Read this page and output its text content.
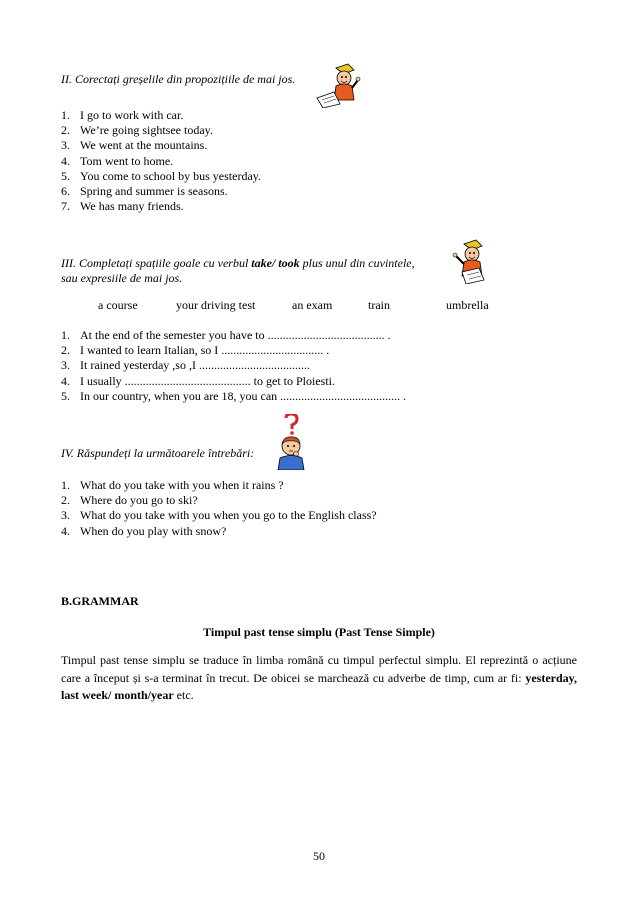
II. Corectați greșelile din propozițiile de mai jos.
1. I go to work with car.
2. We’re going sightsee today.
3. We went at the mountains.
4. Tom went to home.
5. You come to school by bus yesterday.
6. Spring and summer is seasons.
7. We has many friends.
III. Completați spațiile goale cu verbul take/ took plus unul din cuvintele,
sau expresiile de mai jos.
a course	your driving test	an exam	train	umbrella
1. At the end of the semester you have to ....................................... .
2. I wanted to learn Italian, so I .................................. .
3. It rained yesterday ,so ,I .....................................
4. I usually .......................................... to get to Ploiesti.
5. In our country, when you are 18, you can ........................................ .
IV. Răspundeți la următoarele întrebări:
1. What do you take with you when it rains ?
2. Where do you go to ski?
3. What do you take with you when you go to the English class?
4. When do you play with snow?
B.GRAMMAR
Timpul past tense simplu (Past Tense Simple)
Timpul past tense simplu se traduce în limba română cu timpul perfectul simplu. El reprezintă o acțiune care a început și s-a terminat în trecut. De obicei se marchează cu adverbe de timp, cum ar fi: yesterday, last week/ month/year etc.
50
